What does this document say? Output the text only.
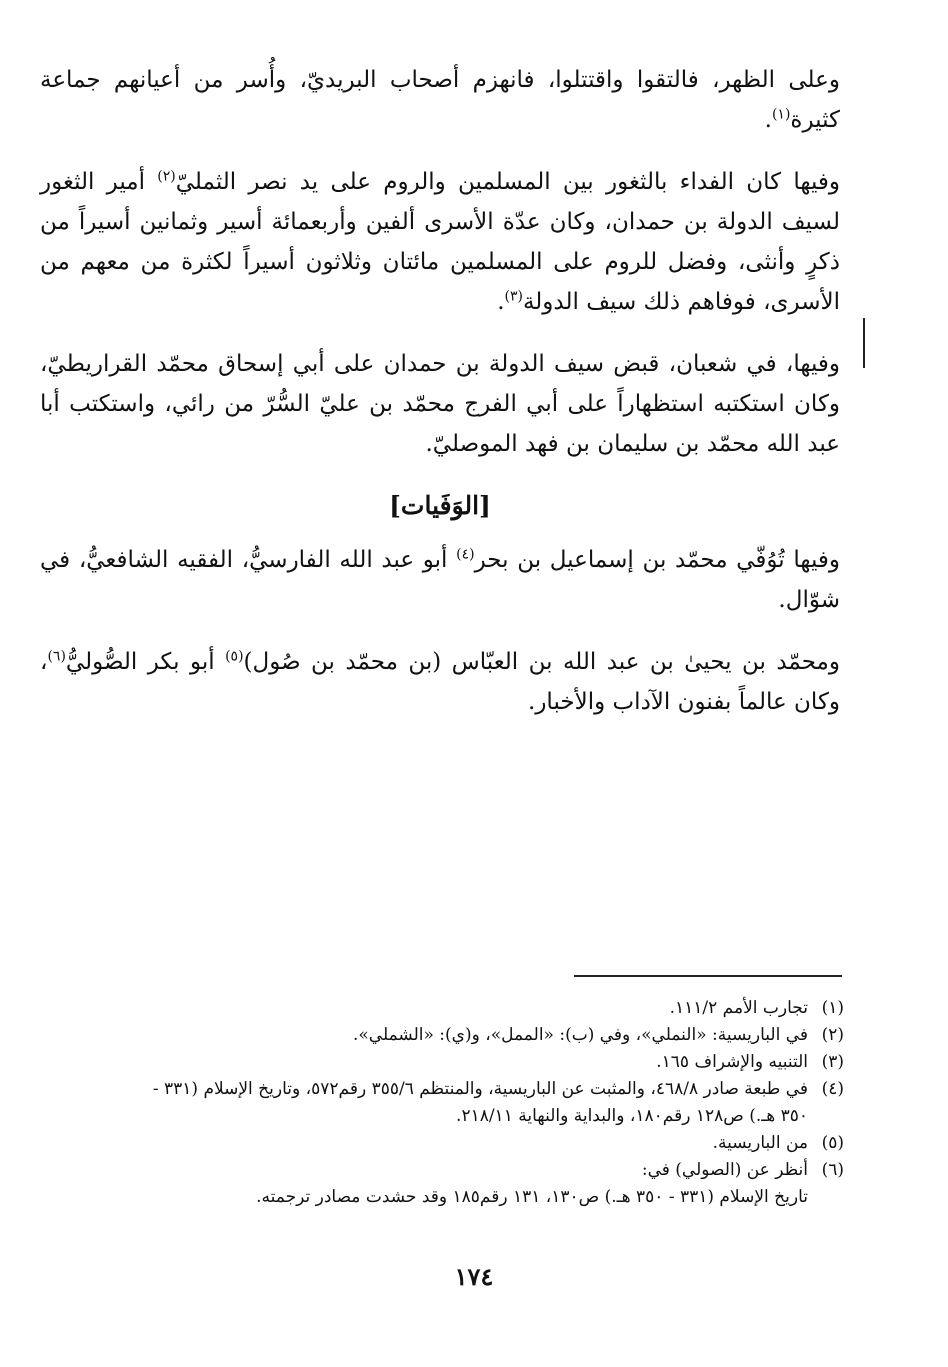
وعلى الظهر، فالتقوا واقتتلوا، فانهزم أصحاب البريديّ، وأُسر من أعيانهم جماعة كثيرة$^{(١)}$.

وفيها كان الفداء بالثغور بين المسلمين والروم على يد نصر الثمليّ$^{(٢)}$ أمير الثغور لسيف الدولة بن حمدان، وكان عدّة الأسرى ألفين وأربعمائة أسير وثمانين أسيراً من ذكرٍ وأنثى، وفضل للروم على المسلمين مائتان وثلاثون أسيراً لكثرة من معهم من الأسرى، فوفاهم ذلك سيف الدولة$^{(٣)}$.

وفيها، في شعبان، قبض سيف الدولة بن حمدان على أبي إسحاق محمّد القراريطيّ، وكان استكتبه استظهاراً على أبي الفرج محمّد بن عليّ السُّرّ من رائي، واستكتب أبا عبد الله محمّد بن سليمان بن فهد الموصليّ.

[الوَفَيات]

وفيها تُوُفّي محمّد بن إسماعيل بن بحر$^{(٤)}$ أبو عبد الله الفارسيُّ، الفقيه الشافعيُّ، في شوّال.

ومحمّد بن يحيىٰ بن عبد الله بن العبّاس (بن محمّد بن صُول)$^{(٥)}$ أبو بكر الصُّوليُّ$^{(٦)}$، وكان عالماً بفنون الآداب والأخبار.

(١)
تجارب الأمم ١١١/٢.
(٢)
في الباريسية: «النملي»، وفي (ب): «الممل»، و(ي): «الشملي».
(٣)
التنبيه والإشراف ١٦٥.
(٤)
في طبعة صادر ٤٦٨/٨، والمثبت عن الباريسية، والمنتظم ٣٥٥/٦ رقم٥٧٢، وتاريخ الإسلام (٣٣١ -
٣٥٠ هـ.) ص١٢٨ رقم١٨٠، والبداية والنهاية ٢١٨/١١.
(٥)
من الباريسية.
(٦)
أنظر عن (الصولي) في:
تاريخ الإسلام (٣٣١ - ٣٥٠ هـ.) ص١٣٠، ١٣١ رقم١٨٥ وقد حشدت مصادر ترجمته.
١٧٤
